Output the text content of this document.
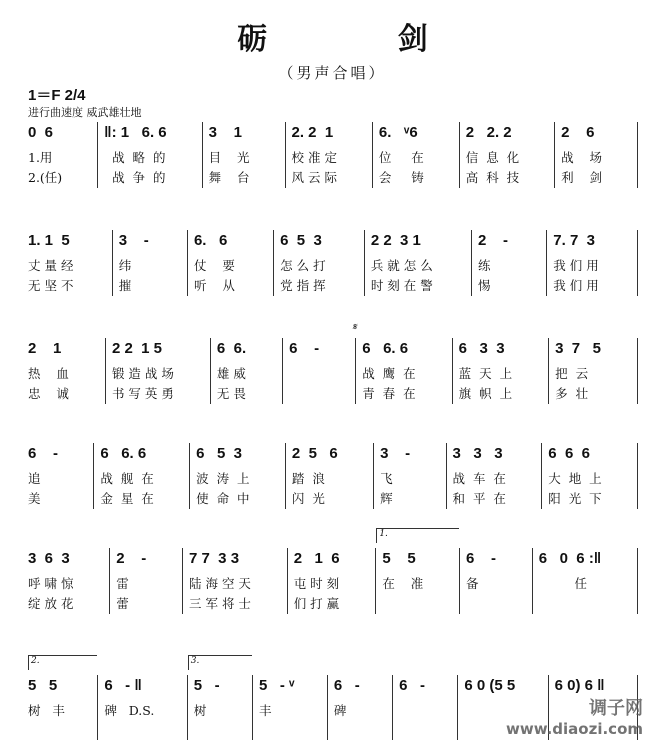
砺 剑
（男声合唱）
1＝F 2/4
进行曲速度 威武雄壮地
0  6
1.用
2.(任)
‖: 1   6. 6
战  略  的
战  争  的
3    1
目    光
舞    台
2. 2  1
校 准 定
风 云 际
6.   ᵛ6
位     在
会     铸
2   2. 2
信  息  化
高  科  技
2    6
战    场
利    剑
1. 1  5
丈 量 经
无 坚 不
3    -
纬
摧
6.   6
仗    要
听    从
6  5  3
怎 么 打
党 指 挥
2 2  3 1
兵 就 怎 么
时 刻 在 警
2    -
练
惕
7. 7  3
我 们 用
我 们 用
2    1
热    血
忠    诚
2 2  1 5
锻 造 战 场
书 写 英 勇
6  6.
雄 威
无 畏
6    -
𝄋
6   6. 6
战  鹰  在
青  春  在
6   3  3
蓝  天  上
旗  帜  上
3  7   5
把  云
多  壮
6    -
追
美
6   6. 6
战  舰  在
金  星  在
6   5  3
波  涛  上
使  命  中
2  5   6
踏  浪
闪  光
3    -
飞
辉
3   3   3
战  车  在
和  平  在
6  6  6
大  地  上
阳  光  下
3  6  3
呼 啸 惊
绽 放 花
2    -
雷
蕾
7 7  3 3
陆 海 空 天
三 军 将 士
2   1  6
屯 时 刻
们 打 赢
1.
5    5
在    准
6    -
备
6   0  6 :‖
任
2.
5   5
树   丰
6   - ‖
碑   D.S.
3.
5   -
树
5   - ᵛ
丰
6   -
碑
6   -	6 0 (5 5	6 0) 6 ‖
调子网
www.diaozi.com
